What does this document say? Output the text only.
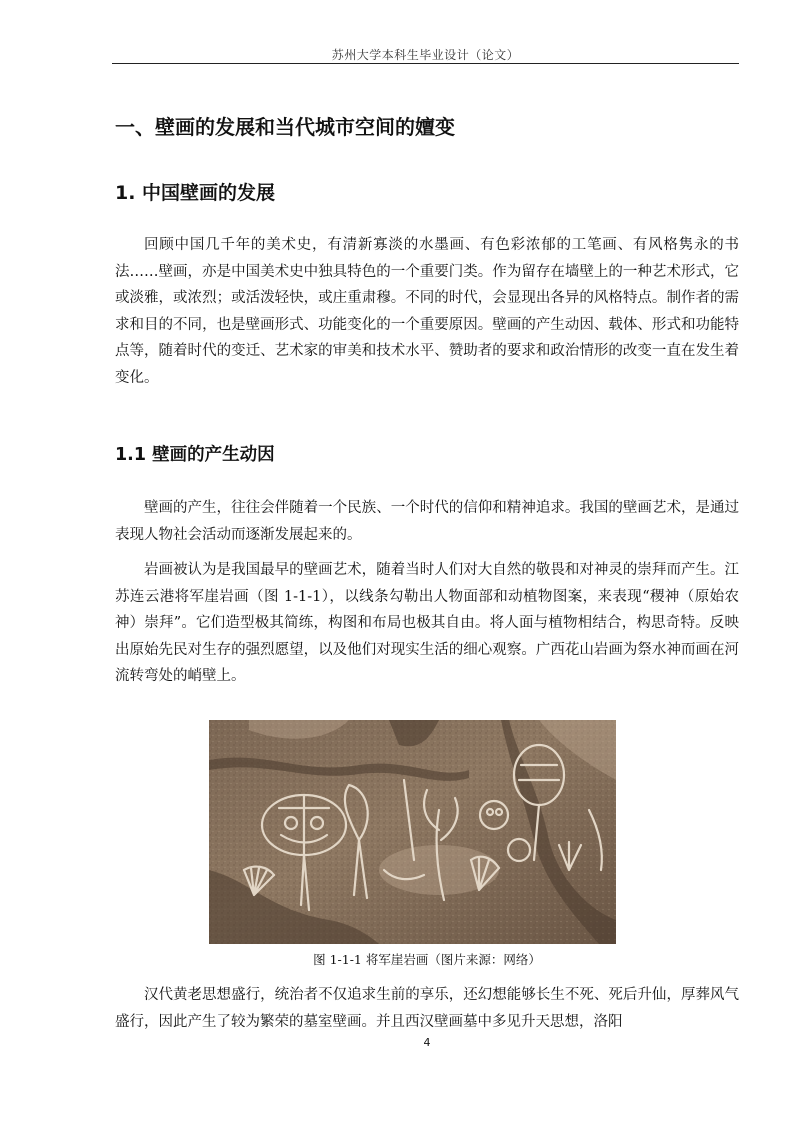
苏州大学本科生毕业设计（论文）
一、壁画的发展和当代城市空间的嬗变
1. 中国壁画的发展

回顾中国几千年的美术史，有清新寡淡的水墨画、有色彩浓郁的工笔画、有风格隽永的书法……壁画，亦是中国美术史中独具特色的一个重要门类。作为留存在墙壁上的一种艺术形式，它或淡雅，或浓烈；或活泼轻快，或庄重肃穆。不同的时代，会显现出各异的风格特点。制作者的需求和目的不同，也是壁画形式、功能变化的一个重要原因。壁画的产生动因、载体、形式和功能特点等，随着时代的变迁、艺术家的审美和技术水平、赞助者的要求和政治情形的改变一直在发生着变化。

1.1 壁画的产生动因

壁画的产生，往往会伴随着一个民族、一个时代的信仰和精神追求。我国的壁画艺术，是通过表现人物社会活动而逐渐发展起来的。

岩画被认为是我国最早的壁画艺术，随着当时人们对大自然的敬畏和对神灵的崇拜而产生。江苏连云港将军崖岩画（图 1-1-1），以线条勾勒出人物面部和动植物图案，来表现“稷神（原始农神）崇拜”。它们造型极其简练，构图和布局也极其自由。将人面与植物相结合，构思奇特。反映出原始先民对生存的强烈愿望，以及他们对现实生活的细心观察。广西花山岩画为祭水神而画在河流转弯处的峭壁上。

图 1-1-1 将军崖岩画（图片来源：网络）

汉代黄老思想盛行，统治者不仅追求生前的享乐，还幻想能够长生不死、死后升仙，厚葬风气盛行，因此产生了较为繁荣的墓室壁画。并且西汉壁画墓中多见升天思想，洛阳

4
